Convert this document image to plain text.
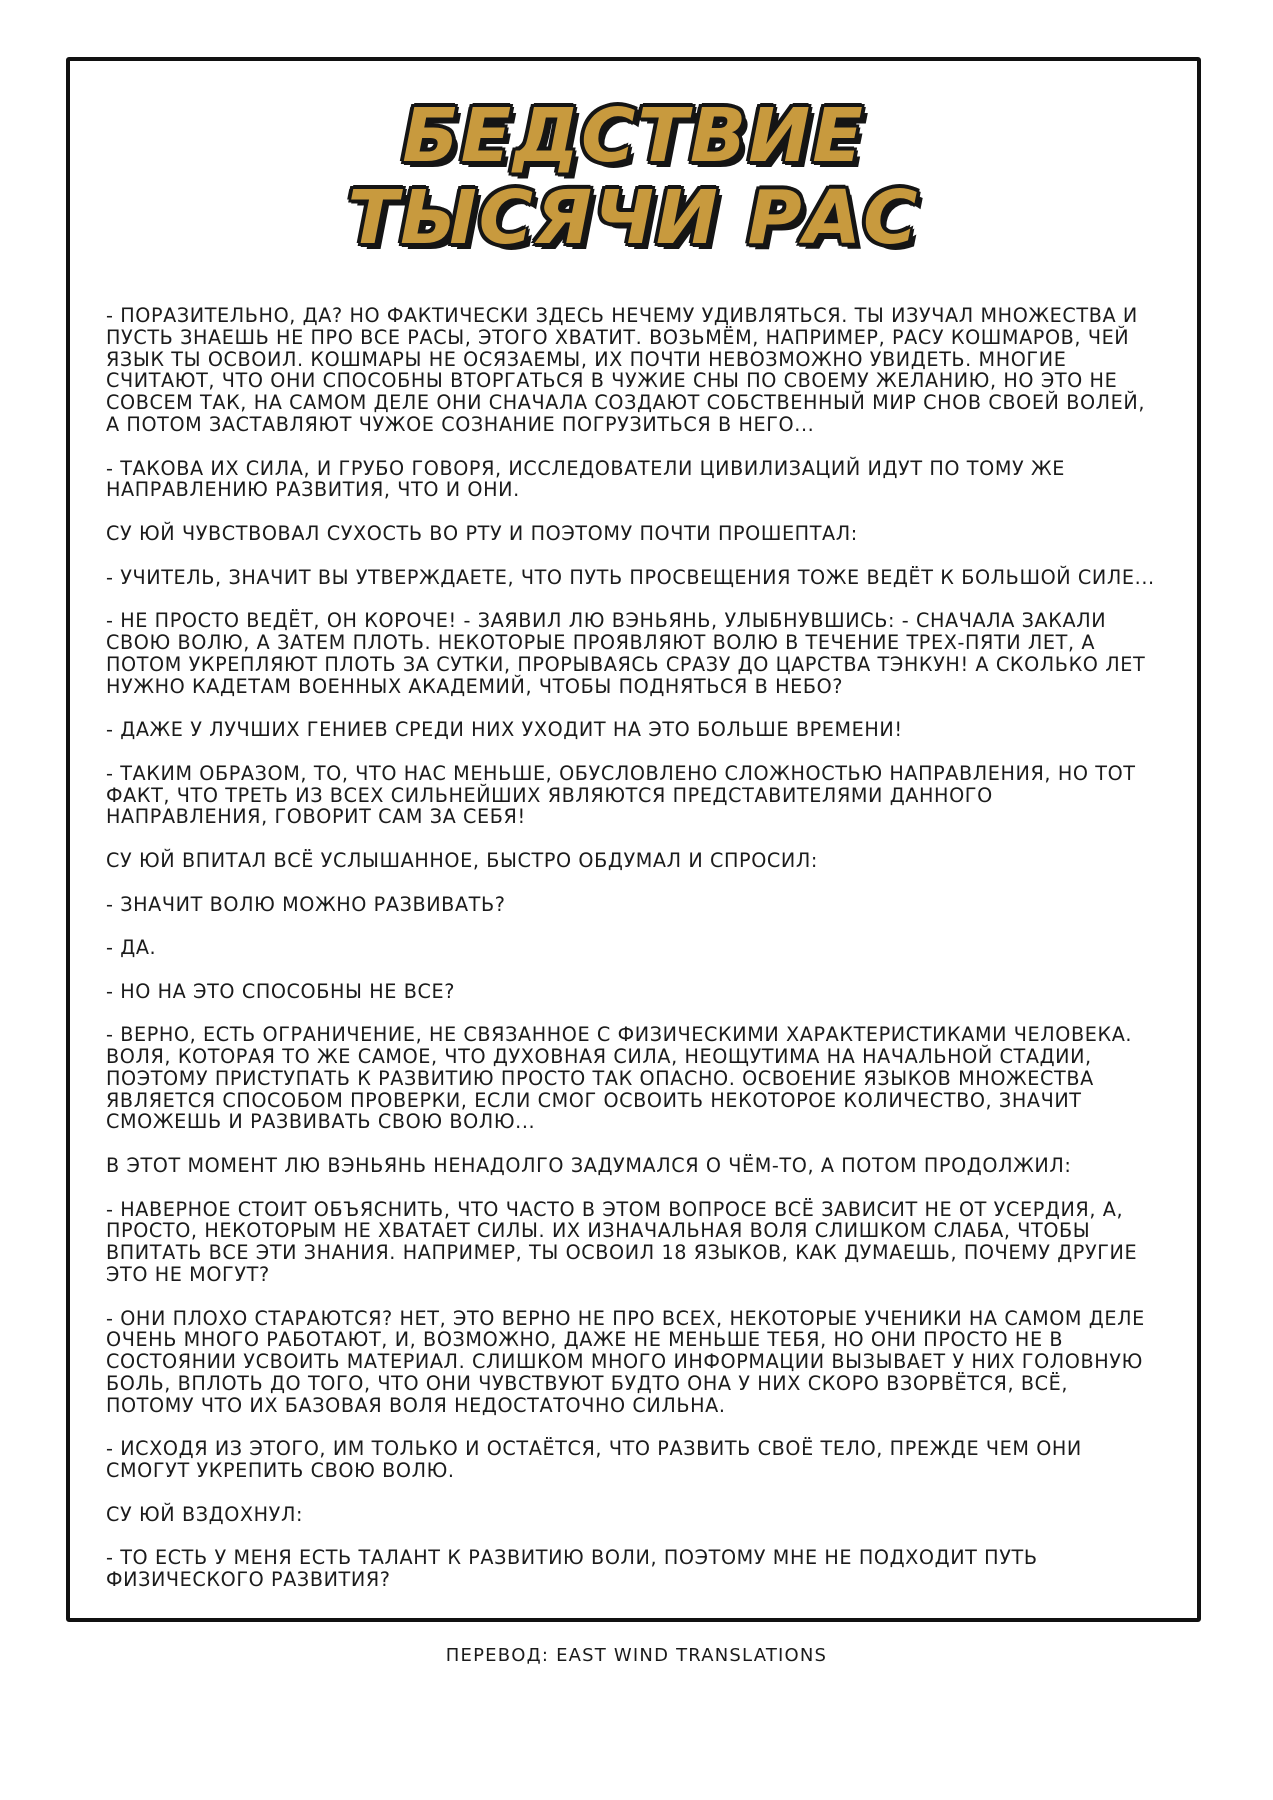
БЕДСТВИЕ
ТЫСЯЧИ РАС

- ПОРАЗИТЕЛЬНО, ДА? НО ФАКТИЧЕСКИ ЗДЕСЬ НЕЧЕМУ УДИВЛЯТЬСЯ. ТЫ ИЗУЧАЛ МНОЖЕСТВА И ПУСТЬ ЗНАЕШЬ НЕ ПРО ВСЕ РАСЫ, ЭТОГО ХВАТИТ. ВОЗЬМЁМ, НАПРИМЕР, РАСУ КОШМАРОВ, ЧЕЙ ЯЗЫК ТЫ ОСВОИЛ. КОШМАРЫ НЕ ОСЯЗАЕМЫ, ИХ ПОЧТИ НЕВОЗМОЖНО УВИДЕТЬ. МНОГИЕ СЧИТАЮТ, ЧТО ОНИ СПОСОБНЫ ВТОРГАТЬСЯ В ЧУЖИЕ СНЫ ПО СВОЕМУ ЖЕЛАНИЮ, НО ЭТО НЕ СОВСЕМ ТАК, НА САМОМ ДЕЛЕ ОНИ СНАЧАЛА СОЗДАЮТ СОБСТВЕННЫЙ МИР СНОВ СВОЕЙ ВОЛЕЙ, А ПОТОМ ЗАСТАВЛЯЮТ ЧУЖОЕ СОЗНАНИЕ ПОГРУЗИТЬСЯ В НЕГО...

- ТАКОВА ИХ СИЛА, И ГРУБО ГОВОРЯ, ИССЛЕДОВАТЕЛИ ЦИВИЛИЗАЦИЙ ИДУТ ПО ТОМУ ЖЕ НАПРАВЛЕНИЮ РАЗВИТИЯ, ЧТО И ОНИ.

СУ ЮЙ ЧУВСТВОВАЛ СУХОСТЬ ВО РТУ И ПОЭТОМУ ПОЧТИ ПРОШЕПТАЛ:

- УЧИТЕЛЬ, ЗНАЧИТ ВЫ УТВЕРЖДАЕТЕ, ЧТО ПУТЬ ПРОСВЕЩЕНИЯ ТОЖЕ ВЕДЁТ К БОЛЬШОЙ СИЛЕ...

- НЕ ПРОСТО ВЕДЁТ, ОН КОРОЧЕ! - ЗАЯВИЛ ЛЮ ВЭНЬЯНЬ, УЛЫБНУВШИСЬ: - СНАЧАЛА ЗАКАЛИ СВОЮ ВОЛЮ, А ЗАТЕМ ПЛОТЬ. НЕКОТОРЫЕ ПРОЯВЛЯЮТ ВОЛЮ В ТЕЧЕНИЕ ТРЕХ-ПЯТИ ЛЕТ, А ПОТОМ УКРЕПЛЯЮТ ПЛОТЬ ЗА СУТКИ, ПРОРЫВАЯСЬ СРАЗУ ДО ЦАРСТВА ТЭНКУН! А СКОЛЬКО ЛЕТ НУЖНО КАДЕТАМ ВОЕННЫХ АКАДЕМИЙ, ЧТОБЫ ПОДНЯТЬСЯ В НЕБО?

- ДАЖЕ У ЛУЧШИХ ГЕНИЕВ СРЕДИ НИХ УХОДИТ НА ЭТО БОЛЬШЕ ВРЕМЕНИ!

- ТАКИМ ОБРАЗОМ, ТО, ЧТО НАС МЕНЬШЕ, ОБУСЛОВЛЕНО СЛОЖНОСТЬЮ НАПРАВЛЕНИЯ, НО ТОТ ФАКТ, ЧТО ТРЕТЬ ИЗ ВСЕХ СИЛЬНЕЙШИХ ЯВЛЯЮТСЯ ПРЕДСТАВИТЕЛЯМИ ДАННОГО НАПРАВЛЕНИЯ, ГОВОРИТ САМ ЗА СЕБЯ!

СУ ЮЙ ВПИТАЛ ВСЁ УСЛЫШАННОЕ, БЫСТРО ОБДУМАЛ И СПРОСИЛ:

- ЗНАЧИТ ВОЛЮ МОЖНО РАЗВИВАТЬ?

- ДА.

- НО НА ЭТО СПОСОБНЫ НЕ ВСЕ?

- ВЕРНО, ЕСТЬ ОГРАНИЧЕНИЕ, НЕ СВЯЗАННОЕ С ФИЗИЧЕСКИМИ ХАРАКТЕРИСТИКАМИ ЧЕЛОВЕКА. ВОЛЯ, КОТОРАЯ ТО ЖЕ САМОЕ, ЧТО ДУХОВНАЯ СИЛА, НЕОЩУТИМА НА НАЧАЛЬНОЙ СТАДИИ, ПОЭТОМУ ПРИСТУПАТЬ К РАЗВИТИЮ ПРОСТО ТАК ОПАСНО. ОСВОЕНИЕ ЯЗЫКОВ МНОЖЕСТВА ЯВЛЯЕТСЯ СПОСОБОМ ПРОВЕРКИ, ЕСЛИ СМОГ ОСВОИТЬ НЕКОТОРОЕ КОЛИЧЕСТВО, ЗНАЧИТ СМОЖЕШЬ И РАЗВИВАТЬ СВОЮ ВОЛЮ...

В ЭТОТ МОМЕНТ ЛЮ ВЭНЬЯНЬ НЕНАДОЛГО ЗАДУМАЛСЯ О ЧЁМ-ТО, А ПОТОМ ПРОДОЛЖИЛ:

- НАВЕРНОЕ СТОИТ ОБЪЯСНИТЬ, ЧТО ЧАСТО В ЭТОМ ВОПРОСЕ ВСЁ ЗАВИСИТ НЕ ОТ УСЕРДИЯ, А, ПРОСТО, НЕКОТОРЫМ НЕ ХВАТАЕТ СИЛЫ. ИХ ИЗНАЧАЛЬНАЯ ВОЛЯ СЛИШКОМ СЛАБА, ЧТОБЫ ВПИТАТЬ ВСЕ ЭТИ ЗНАНИЯ. НАПРИМЕР, ТЫ ОСВОИЛ 18 ЯЗЫКОВ, КАК ДУМАЕШЬ, ПОЧЕМУ ДРУГИЕ ЭТО НЕ МОГУТ?

- ОНИ ПЛОХО СТАРАЮТСЯ? НЕТ, ЭТО ВЕРНО НЕ ПРО ВСЕХ, НЕКОТОРЫЕ УЧЕНИКИ НА САМОМ ДЕЛЕ ОЧЕНЬ МНОГО РАБОТАЮТ, И, ВОЗМОЖНО, ДАЖЕ НЕ МЕНЬШЕ ТЕБЯ, НО ОНИ ПРОСТО НЕ В СОСТОЯНИИ УСВОИТЬ МАТЕРИАЛ. СЛИШКОМ МНОГО ИНФОРМАЦИИ ВЫЗЫВАЕТ У НИХ ГОЛОВНУЮ БОЛЬ, ВПЛОТЬ ДО ТОГО, ЧТО ОНИ ЧУВСТВУЮТ БУДТО ОНА У НИХ СКОРО ВЗОРВЁТСЯ, ВСЁ, ПОТОМУ ЧТО ИХ БАЗОВАЯ ВОЛЯ НЕДОСТАТОЧНО СИЛЬНА.

- ИСХОДЯ ИЗ ЭТОГО, ИМ ТОЛЬКО И ОСТАЁТСЯ, ЧТО РАЗВИТЬ СВОЁ ТЕЛО, ПРЕЖДЕ ЧЕМ ОНИ СМОГУТ УКРЕПИТЬ СВОЮ ВОЛЮ.

СУ ЮЙ ВЗДОХНУЛ:

- ТО ЕСТЬ У МЕНЯ ЕСТЬ ТАЛАНТ К РАЗВИТИЮ ВОЛИ, ПОЭТОМУ МНЕ НЕ ПОДХОДИТ ПУТЬ ФИЗИЧЕСКОГО РАЗВИТИЯ?

ПЕРЕВОД: EAST WIND TRANSLATIONS
